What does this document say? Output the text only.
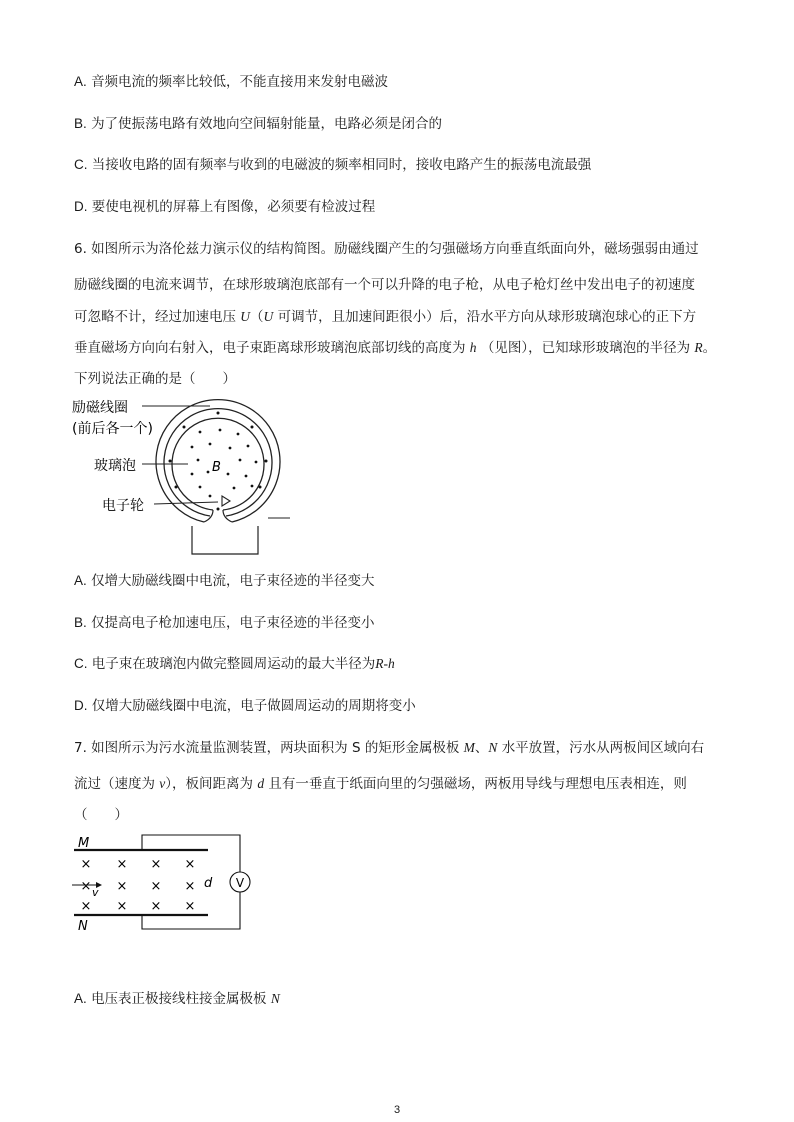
A. 音频电流的频率比较低，不能直接用来发射电磁波
B. 为了使振荡电路有效地向空间辐射能量，电路必须是闭合的
C. 当接收电路的固有频率与收到的电磁波的频率相同时，接收电路产生的振荡电流最强
D. 要使电视机的屏幕上有图像，必须要有检波过程
6. 如图所示为洛伦兹力演示仪的结构简图。励磁线圈产生的匀强磁场方向垂直纸面向外，磁场强弱由通过
励磁线圈的电流来调节，在球形玻璃泡底部有一个可以升降的电子枪，从电子枪灯丝中发出电子的初速度
可忽略不计，经过加速电压 U（U 可调节，且加速间距很小）后，沿水平方向从球形玻璃泡球心的正下方
垂直磁场方向向右射入，电子束距离球形玻璃泡底部切线的高度为 h （见图），已知球形玻璃泡的半径为 R。
下列说法正确的是（　　）
励磁线圈
(前后各一个)
玻璃泡
电子轮
B
A. 仅增大励磁线圈中电流，电子束径迹的半径变大
B. 仅提高电子枪加速电压，电子束径迹的半径变小
C. 电子束在玻璃泡内做完整圆周运动的最大半径为R-h
D. 仅增大励磁线圈中电流，电子做圆周运动的周期将变小
7. 如图所示为污水流量监测装置，两块面积为 S 的矩形金属极板 M、N 水平放置，污水从两板间区域向右
流过（速度为 v），板间距离为 d 且有一垂直于纸面向里的匀强磁场，两板用导线与理想电压表相连，则
（　　）
M
N
V
d
× × × ×
× × × ×
× × × ×
v
A. 电压表正极接线柱接金属极板 N
3
